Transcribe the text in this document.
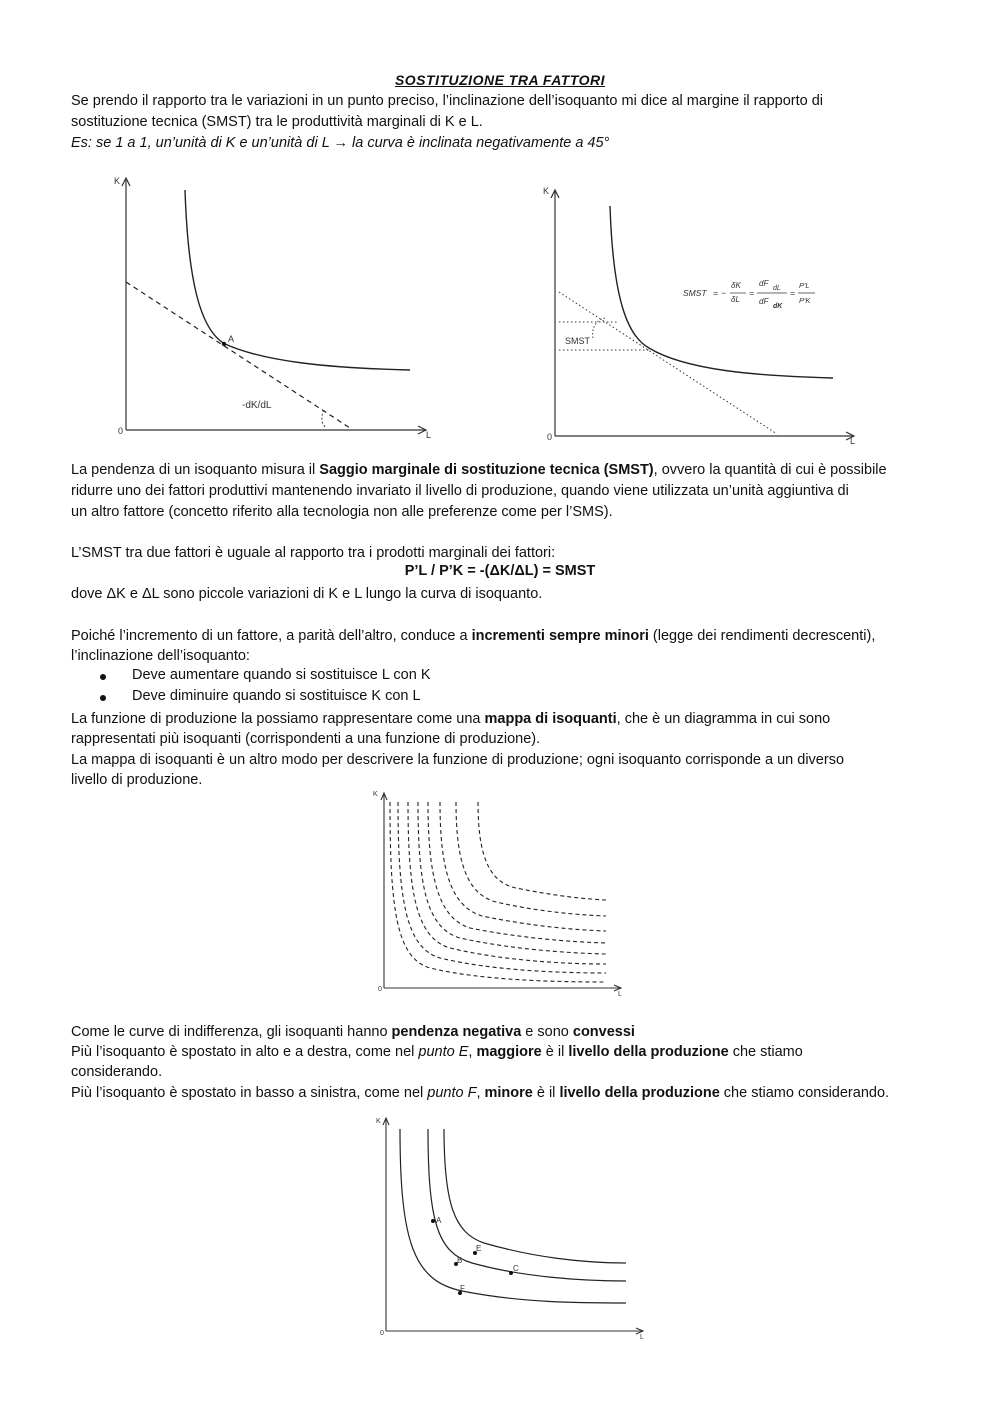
SOSTITUZIONE TRA FATTORI

Se prendo il rapporto tra le variazioni in un punto preciso, l’inclinazione dell’isoquanto mi dice al margine il rapporto di

sostituzione tecnica (SMST) tra le produttività marginali di K e L.

Es: se 1 a 1, un’unità di K e un’unità di L → la curva è inclinata negativamente a 45°

K
L
0
A
-dK/dL
K
L
0
SMST
SMST = −
δK
δL
=
dF
dL
dF
dK
=
P′L
P′K

La pendenza di un isoquanto misura il Saggio marginale di sostituzione tecnica (SMST), ovvero la quantità di cui è possibile

ridurre uno dei fattori produttivi mantenendo invariato il livello di produzione, quando viene utilizzata un’unità aggiuntiva di

un altro fattore (concetto riferito alla tecnologia non alle preferenze come per l’SMS).

L’SMST tra due fattori è uguale al rapporto tra i prodotti marginali dei fattori:

P’L / P’K = -(ΔK/ΔL) = SMST

dove ΔK e ΔL sono piccole variazioni di K e L lungo la curva di isoquanto.

Poiché l’incremento di un fattore, a parità dell’altro, conduce a incrementi sempre minori (legge dei rendimenti decrescenti),

l’inclinazione dell’isoquanto:

Deve aumentare quando si sostituisce L con K
Deve diminuire quando si sostituisce K con L

La funzione di produzione la possiamo rappresentare come una mappa di isoquanti, che è un diagramma in cui sono

rappresentati più isoquanti (corrispondenti a una funzione di produzione).

La mappa di isoquanti è un altro modo per descrivere la funzione di produzione; ogni isoquanto corrisponde a un diverso

livello di produzione.

K
L
0

Come le curve di indifferenza, gli isoquanti hanno pendenza negativa e sono convessi

Più l’isoquanto è spostato in alto e a destra, come nel punto E, maggiore è il livello della produzione che stiamo

considerando.

Più l’isoquanto è spostato in basso a sinistra, come nel punto F, minore è il livello della produzione che stiamo considerando.

K
L
0
A
B
C
E
F
